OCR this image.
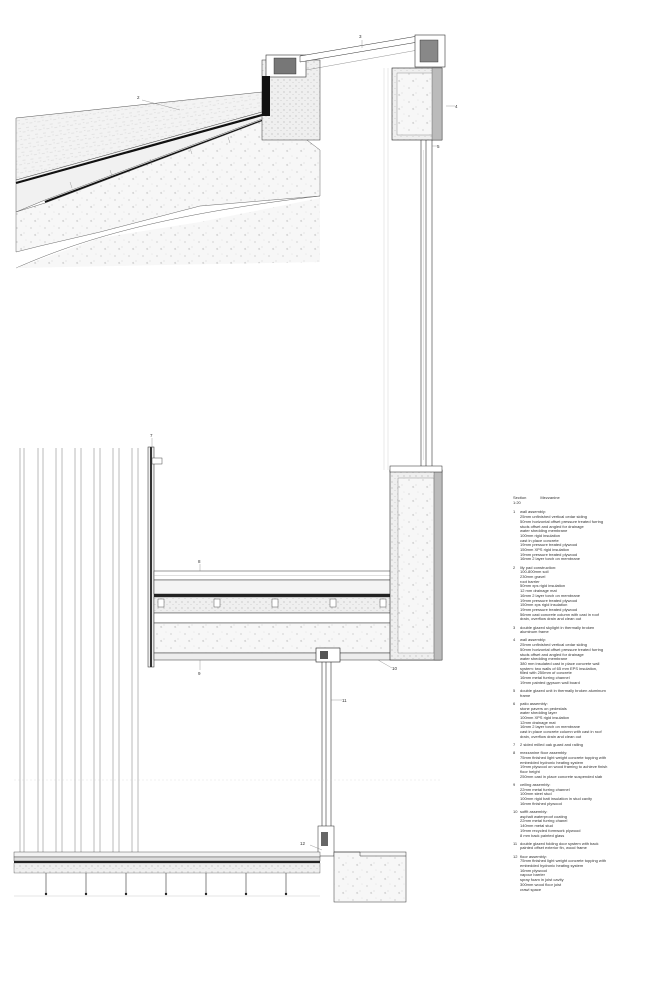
2
3
4
5
7
8
9
10
11
12
Section	Mezzanine
1:20
1	wall assembly:
25mm unfinished vertical cedar siding
50mm horizontal offset pressure treated furring
studs offset and angled for drainage
water shedding membrane
100mm rigid insulation
cast in place concrete
19mm pressure treated plywood
150mm XPS rigid insulation
19mm pressure treated plywood
16mm 2 layer torch on membrane
2	lily pad construction:
100-800mm soil
230mm gravel
root barrier
50mm xps rigid insulation
12 mm drainage mat
16mm 2 layer torch on membrane
19mm pressure treated plywood
150mm xps rigid insulation
19mm pressure treated plywood
56mm cast concrete column with cast in roof
drain, overflow drain and clean out
3	double glazed skylight in thermally broken
aluminum frame
4	wall assembly:
25mm unfinished vertical cedar siding
50mm horizontal offset pressure treated furring
studs offset and angled for drainage
water shedding membrane
380 mm insulated cast in place concrete wall
system: two walls of 65 mm EPS insulation,
filled with 250mm of concrete
16mm metal furring channel
19mm painted gypsum wall board
5	double glazed unit in thermally broken aluminum
frame
6	patio assembly:
stone pavers on pedestals
water shedding layer
100mm XPS rigid insulation
12mm drainage mat
16mm 2 layer torch on membrane
cast in place concrete column with cast in roof
drain, overflow drain and clean out
7	2 sided milled oak guard and railing
8	mezzanine floor assembly:
75mm finished light weight concrete topping with
embedded hydronic heating system
19mm plywood on wood framing to achieve finish
floor height
250mm cast in place concrete suspended slab
9	ceiling assembly:
22mm metal furring channel
100mm steel stud
100mm rigid batt insulation in stud cavity
16mm finished plywood
10 soffit assembly:
asphalt waterproof coating
22mm metal furring chanel
140mm metal stud
19mm recycled formwork plywood
8 mm back painted glass
11 double glazed folding door system with back
painted offset exterior fin, wood frame
12 floor assembly:
75mm finished light weight concrete topping with
embedded hydronic heating system
16mm plywood
vapour barrier
spray foam in joist cavity
300mm wood floor joist
crawl space
